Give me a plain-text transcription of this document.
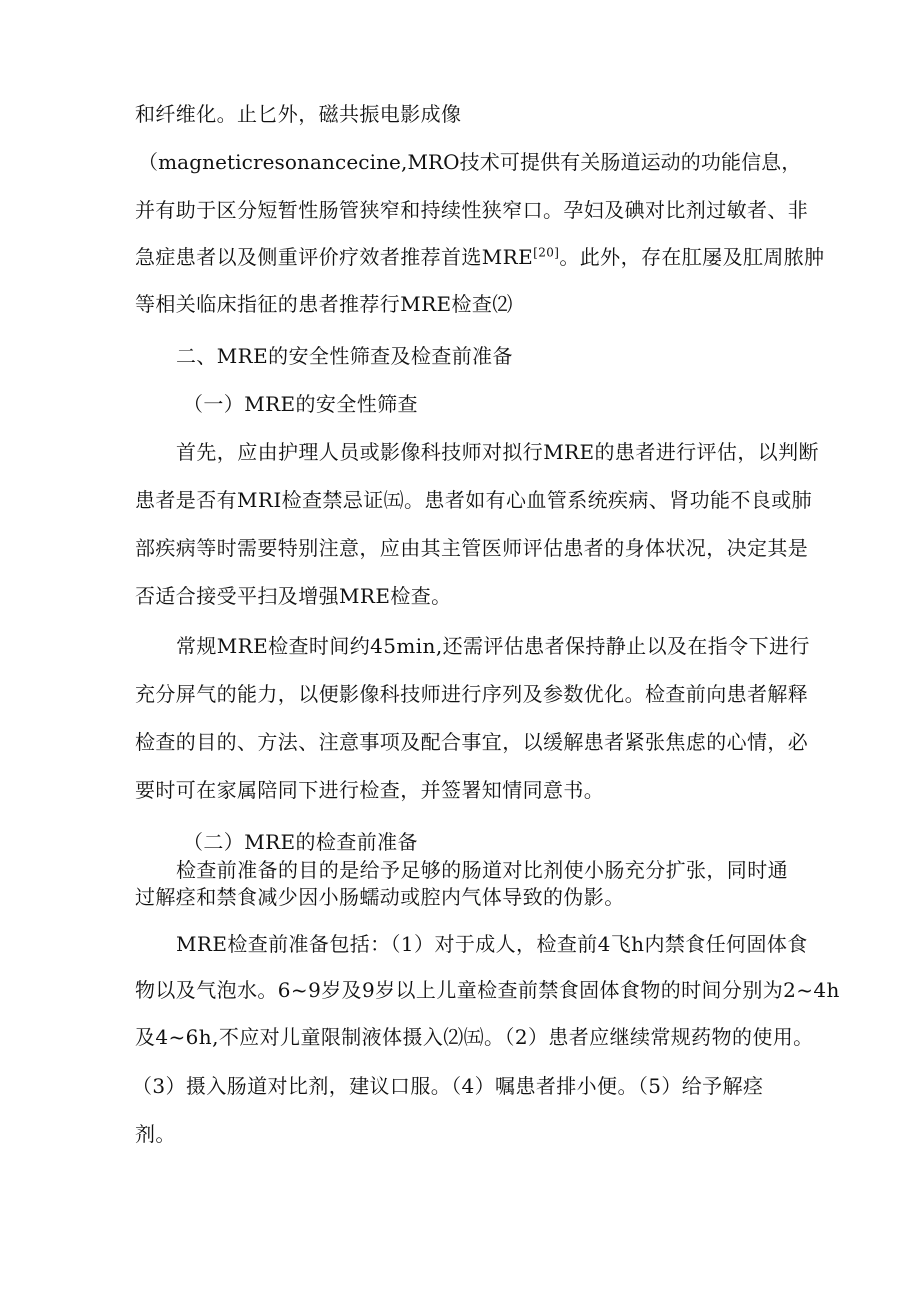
和纤维化。止匕外，磁共振电影成像
（magneticresonancecine,MRO技术可提供有关肠道运动的功能信息，
并有助于区分短暂性肠管狭窄和持续性狭窄口。孕妇及碘对比剂过敏者、非
急症患者以及侧重评价疗效者推荐首选MRE[20]。此外，存在肛屡及肛周脓肿
等相关临床指征的患者推荐行MRE检查⑵
二、MRE的安全性筛查及检查前准备
（一）MRE的安全性筛查
首先，应由护理人员或影像科技师对拟行MRE的患者进行评估，以判断
患者是否有MRI检查禁忌证㈤。患者如有心血管系统疾病、肾功能不良或肺
部疾病等时需要特别注意，应由其主管医师评估患者的身体状况，决定其是
否适合接受平扫及增强MRE检查。
常规MRE检查时间约45min,还需评估患者保持静止以及在指令下进行
充分屏气的能力，以便影像科技师进行序列及参数优化。检查前向患者解释
检查的目的、方法、注意事项及配合事宜，以缓解患者紧张焦虑的心情，必
要时可在家属陪同下进行检查，并签署知情同意书。
（二）MRE的检查前准备
检查前准备的目的是给予足够的肠道对比剂使小肠充分扩张，同时通
过解痉和禁食减少因小肠蠕动或腔内气体导致的伪影。
MRE检查前准备包括：（1）对于成人，检查前4飞h内禁食任何固体食
物以及气泡水。6~9岁及9岁以上儿童检查前禁食固体食物的时间分别为2~4h
及4~6h,不应对儿童限制液体摄入⑵㈤。（2）患者应继续常规药物的使用。
（3）摄入肠道对比剂，建议口服。（4）嘱患者排小便。（5）给予解痉
剂。
